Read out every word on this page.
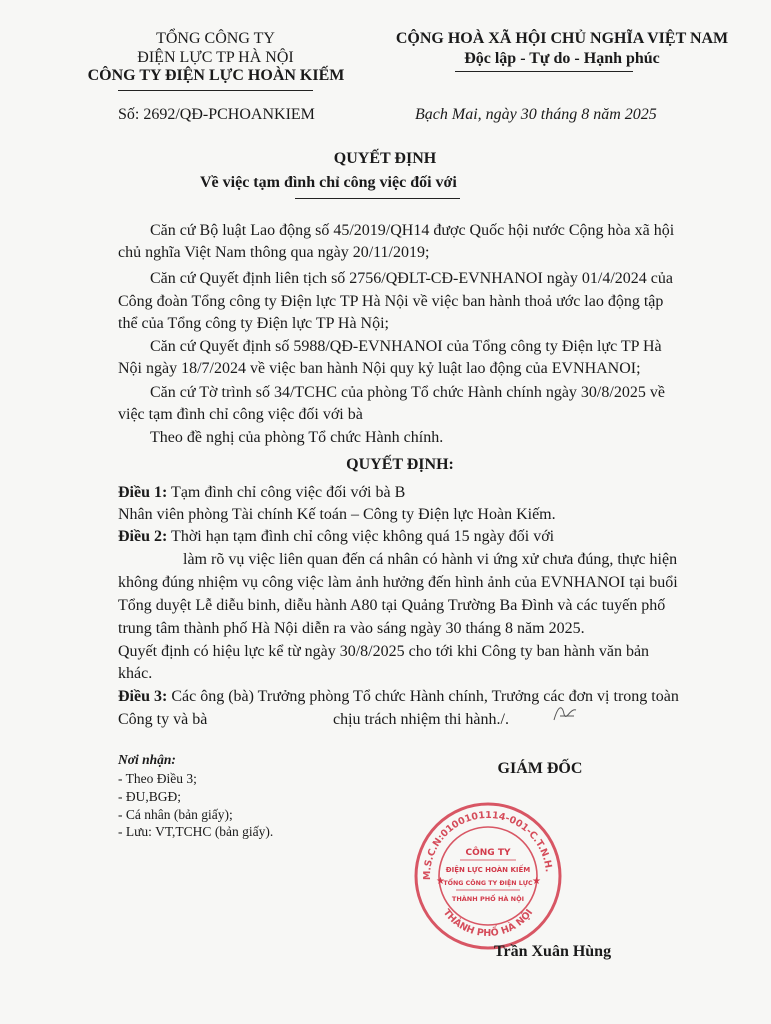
TỔNG CÔNG TY
ĐIỆN LỰC TP HÀ NỘI
CÔNG TY ĐIỆN LỰC HOÀN KIẾM
CỘNG HOÀ XÃ HỘI CHỦ NGHĨA VIỆT NAM
Độc lập - Tự do - Hạnh phúc
Số: 2692/QĐ-PCHOANKIEM	Bạch Mai, ngày 30 tháng 8 năm 2025
QUYẾT ĐỊNH
Về việc tạm đình chỉ công việc đối với
Căn cứ Bộ luật Lao động số 45/2019/QH14 được Quốc hội nước Cộng hòa xã hội
chủ nghĩa Việt Nam thông qua ngày 20/11/2019;
Căn cứ Quyết định liên tịch số 2756/QĐLT-CĐ-EVNHANOI ngày 01/4/2024 của
Công đoàn Tổng công ty Điện lực TP Hà Nội về việc ban hành thoả ước lao động tập
thể của Tổng công ty Điện lực TP Hà Nội;
Căn cứ Quyết định số 5988/QĐ-EVNHANOI của Tổng công ty Điện lực TP Hà
Nội ngày 18/7/2024 về việc ban hành Nội quy kỷ luật lao động của EVNHANOI;
Căn cứ Tờ trình số 34/TCHC của phòng Tổ chức Hành chính ngày 30/8/2025 về
việc tạm đình chỉ công việc đối với bà
Theo đề nghị của phòng Tổ chức Hành chính.
QUYẾT ĐỊNH:
Điều 1: Tạm đình chỉ công việc đối với bà B
Nhân viên phòng Tài chính Kế toán – Công ty Điện lực Hoàn Kiếm.
Điều 2: Thời hạn tạm đình chỉ công việc không quá 15 ngày đối với
làm rõ vụ việc liên quan đến cá nhân có hành vi ứng xử chưa đúng, thực hiện
không đúng nhiệm vụ công việc làm ảnh hưởng đến hình ảnh của EVNHANOI tại buổi
Tổng duyệt Lễ diễu binh, diễu hành A80 tại Quảng Trường Ba Đình và các tuyến phố
trung tâm thành phố Hà Nội diễn ra vào sáng ngày 30 tháng 8 năm 2025.
Quyết định có hiệu lực kể từ ngày 30/8/2025 cho tới khi Công ty ban hành văn bản
khác.
Điều 3: Các ông (bà) Trưởng phòng Tổ chức Hành chính, Trưởng các đơn vị trong toàn
Công ty và bà	chịu trách nhiệm thi hành./.
Nơi nhận:
- Theo Điều 3;
- ĐU,BGĐ;
- Cá nhân (bản giấy);
- Lưu: VT,TCHC (bản giấy).
GIÁM ĐỐC
M.S.C.N:0100101114-001-C.T.N.H.
THÀNH PHỐ HÀ NỘI
★	★
CÔNG TY
ĐIỆN LỰC HOÀN KIẾM
TỔNG CÔNG TY ĐIỆN LỰC
THÀNH PHỐ HÀ NỘI
Trần Xuân Hùng
